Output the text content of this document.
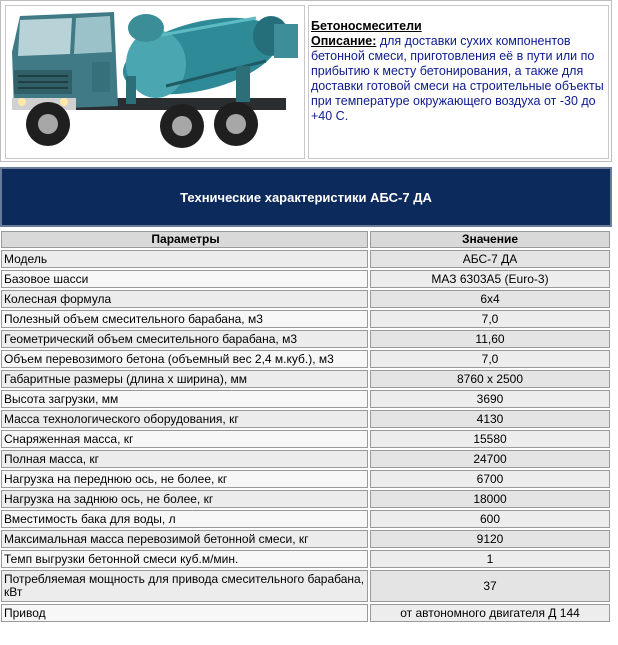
Бетоносмесители
Описание: для доставки сухих компонентов бетонной смеси, приготовления её в пути или по прибытию к месту бетонирования, а также для доставки готовой смеси на строительные объекты при температуре окружающего воздуха от -30 до +40 С.
Технические характеристики АБС-7 ДА
Параметры	Значение
Модель	АБС-7 ДА
Базовое шасси	МАЗ 6303А5 (Euro-3)
Колесная формула	6х4
Полезный объем смесительного барабана, м3	7,0
Геометрический объем смесительного барабана, м3	11,60
Объем перевозимого бетона (объемный вес 2,4 м.куб.), м3	7,0
Габаритные размеры (длина х ширина), мм	8760 х 2500
Высота загрузки, мм	3690
Масса технологического оборудования, кг	4130
Снаряженная масса, кг	15580
Полная масса, кг	24700
Нагрузка на переднюю ось, не более, кг	6700
Нагрузка на заднюю ось, не более, кг	18000
Вместимость бака для воды, л	600
Максимальная масса перевозимой бетонной смеси, кг	9120
Темп выгрузки бетонной смеси куб.м/мин.	1
Потребляемая мощность для привода смесительного барабана, кВт	37
Привод	от автономного двигателя Д 144
